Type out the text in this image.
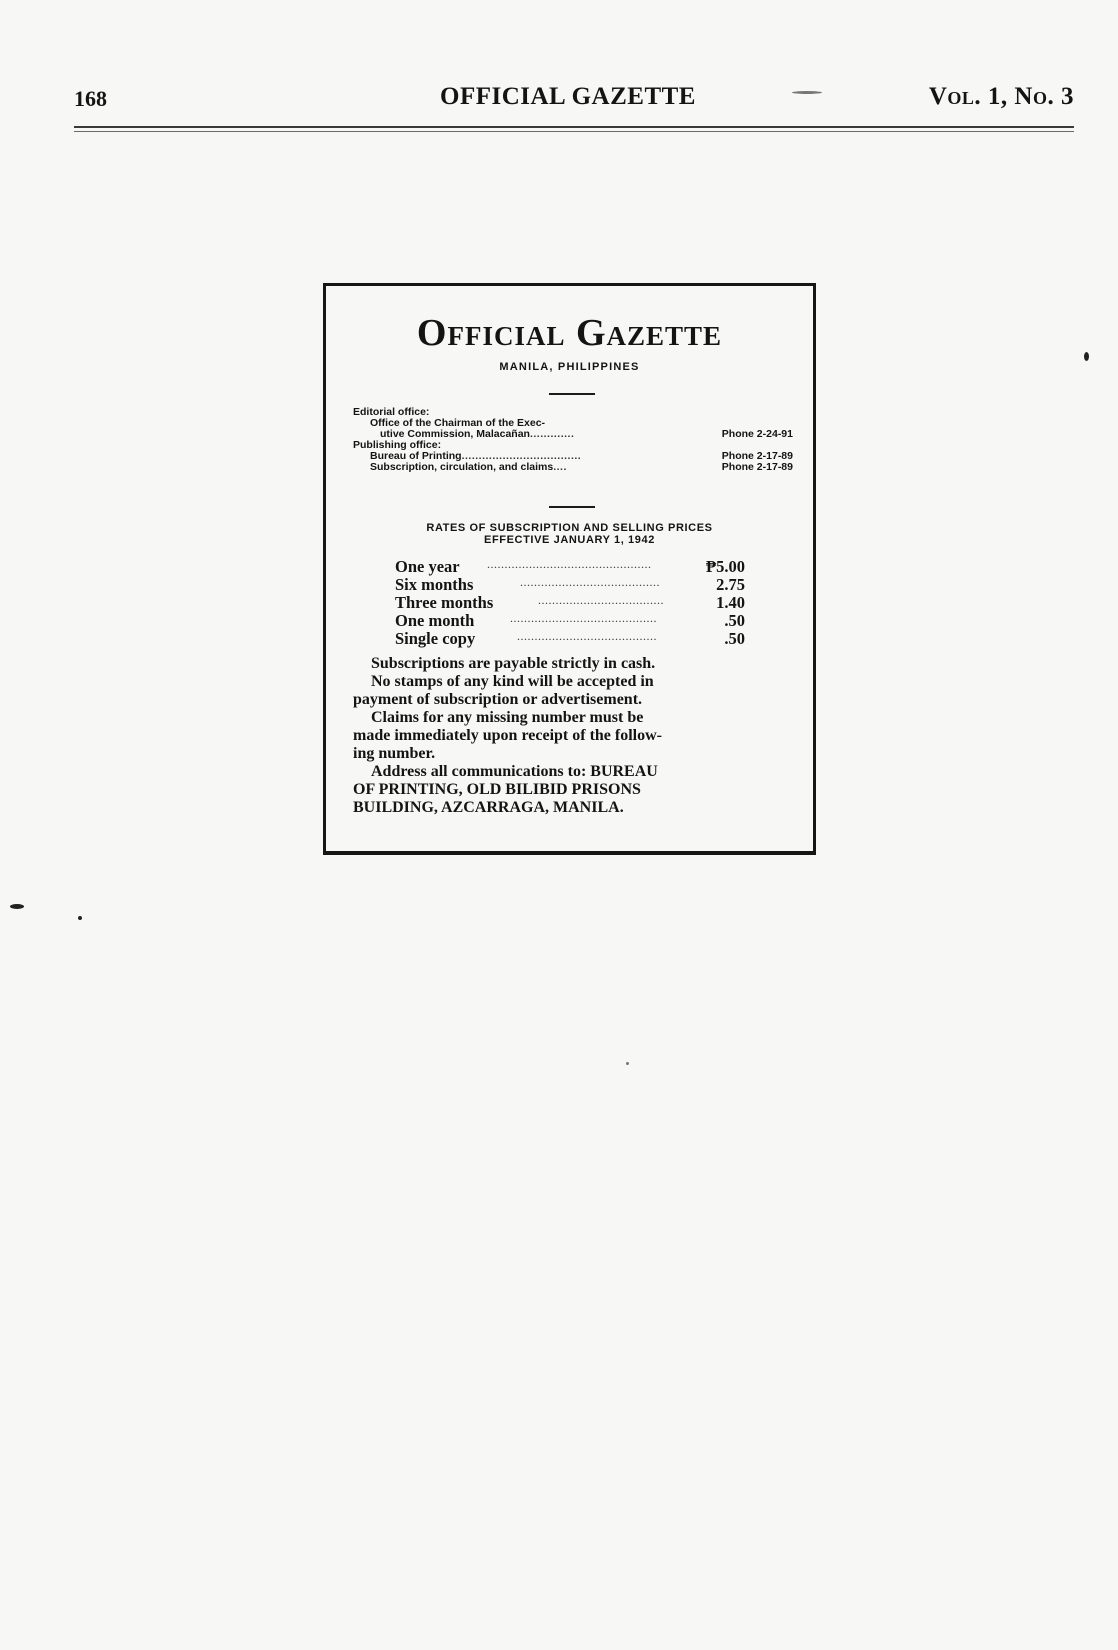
168	OFFICIAL GAZETTE	Vol. 1, No. 3
Official Gazette
MANILA, PHILIPPINES
Editorial office:
Office of the Chairman of the Exec-
utive Commission, Malacañan.............	Phone 2-24-91
Publishing office:
Bureau of Printing...................................	Phone 2-17-89
Subscription, circulation, and claims....	Phone 2-17-89
RATES OF SUBSCRIPTION AND SELLING PRICES
EFFECTIVE JANUARY 1, 1942
One year ...............................................	₱5.00
Six months	........................................	2.75
Three months	....................................	1.40
One month	..........................................	.50
Single copy	........................................	.50
Subscriptions are payable strictly in cash.
No stamps of any kind will be accepted in
payment of subscription or advertisement.
Claims for any missing number must be
made immediately upon receipt of the follow-
ing number.
Address all communications to: BUREAU
OF PRINTING, OLD BILIBID PRISONS
BUILDING, AZCARRAGA, MANILA.
